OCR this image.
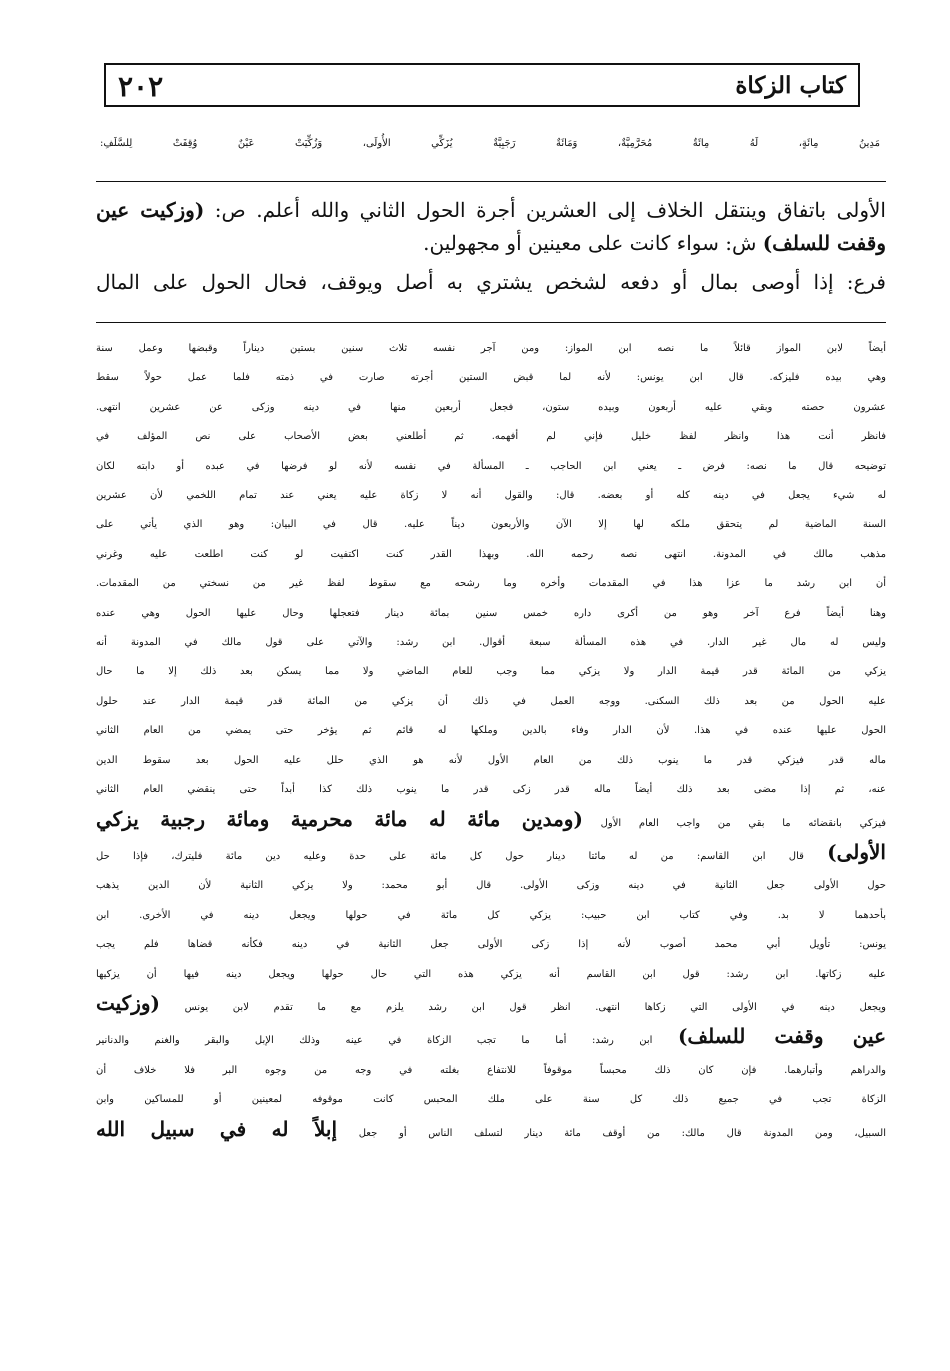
كتاب الزكاة
٢٠٢
مَدِينُ مِائَةٍ، لَهُ مِائَةٌ مُحَرَّمِيَّةٌ، وَمَائَةٌ رَجَبِيَّةٌ يُزَكِّي الأُولَى، وَزُكِّيَتْ عَيْنٌ وُقِفَتْ لِلسَّلَفِ:

الأولى باتفاق وينتقل الخلاف إلى العشرين أجرة الحول الثاني والله أعلم. ص: (وزكيت عين وقفت للسلف) ش: سواء كانت على معينين أو مجهولين.

فرع: إذا أوصى بمال أو دفعه لشخص يشتري به أصل ويوقف، فحال الحول على المال

أيضاً لابن المواز قائلاً ما نصه ابن المواز: ومن آجر نفسه ثلاث سنين بستين ديناراً وقبضها وعمل سنة
وهي بيده فليزكه. قال ابن يونس: لأنه لما قبض الستين أجرته صارت في ذمته فلما عمل حولاً سقط
عشرون حصته وبقي عليه أربعون وبيده ستون، فجعل أربعين منها في دينه وزكى عن عشرين انتهى.
فانظر أنت هذا وانظر لفظ خليل فإني لم أفهمه. ثم أطلعني بعض الأصحاب على نص المؤلف في
توضيحه قال ما نصه: فرض ـ يعني ابن الحاجب ـ المسألة في نفسه لأنه لو فرضها في عبده أو دابته لكان
له شيء يجعل في دينه كله أو بعضه. قال: والقول أنه لا زكاة عليه يعني عند تمام اللخمي لأن عشرين
السنة الماضية لم يتحقق ملكه لها إلا الآن والأربعون ديناً عليه. قال في البيان: وهو الذي يأتي على
مذهب مالك في المدونة. انتهى نصه رحمه الله. وبهذا القدر كنت اكتفيت لو كنت اطلعت عليه وغرني
أن ابن رشد ما عزا هذا في المقدمات وأخره وما رشحه مع سقوط لفظ غير من نسختي من المقدمات.
وهنا أيضاً فرع آخر وهو من أكرى داره خمس سنين بمائة دينار فتعجلها وحال عليها الحول وهي عنده
وليس له مال غير الدار. في هذه المسألة سبعة أقوال. ابن رشد: والآتي على قول مالك في المدونة أنه
يزكي من المائة قدر قيمة الدار ولا يزكي مما وجب للعام الماضي ولا مما يسكن بعد ذلك إلا ما حال
عليه الحول من بعد ذلك السكنى. ووجه العمل في ذلك أن يزكي من المائة قدر قيمة الدار عند حلول
الحول عليها عنده في هذا. لأن الدار وفاء بالدين وملكها له قائم ثم يؤخر حتى يمضي من العام الثاني
ماله قدر فيزكي قدر ما ينوب ذلك من العام الأول لأنه هو الذي حلل عليه الحول بعد سقوط الدين
عنه، ثم إذا مضى بعد ذلك أيضاً ماله قدر زكى قدر ما ينوب ذلك كذا أبداً حتى ينقضي العام الثاني
فيزكي بانقضائه ما بقي من واجب العام الأول (ومدين مائة له مائة محرمية ومائة رجبية يزكي
الأولى) قال ابن القاسم: من له مائتا دينار حول كل مائة على حدة وعليه دين مائة فليترك، فإذا حل
حول الأولى جعل الثانية في دينه وزكى الأولى. قال أبو محمد: ولا يزكي الثانية لأن الدين يذهب
بأحدهما لا بد. وفي كتاب ابن حبيب: يزكي كل مائة في حولها ويجعل دينه في الأخرى. ابن
يونس: تأويل أبي محمد أصوب لأنه إذا زكى الأولى جعل الثانية في دينه فكأنه قضاها فلم يجب
عليه زكاتها. ابن رشد: قول ابن القاسم أنه يزكي هذه التي حال حولها ويجعل دينه فيها أن يزكيها
ويجعل دينه في الأولى التي زكاها انتهى. انظر قول ابن رشد يلزم مع ما تقدم لابن يونس (وزكيت
عين وقفت للسلف) ابن رشد: أما ما تجب الزكاة في عينه وذلك الإبل والبقر والغنم والدنانير
والدراهم وأتبارهما. فإن كان ذلك محبساً موقوفاً للانتفاع بغلته في وجه من وجوه البر فلا خلاف أن
الزكاة تجب في جميع ذلك كل سنة على ملك المحبس كانت موقوفه لمعينين أو للمساكين وابن
السبيل، ومن المدونة قال مالك: من أوقف مائة دينار لتسلف الناس أو جعل إبلاً له في سبيل الله
